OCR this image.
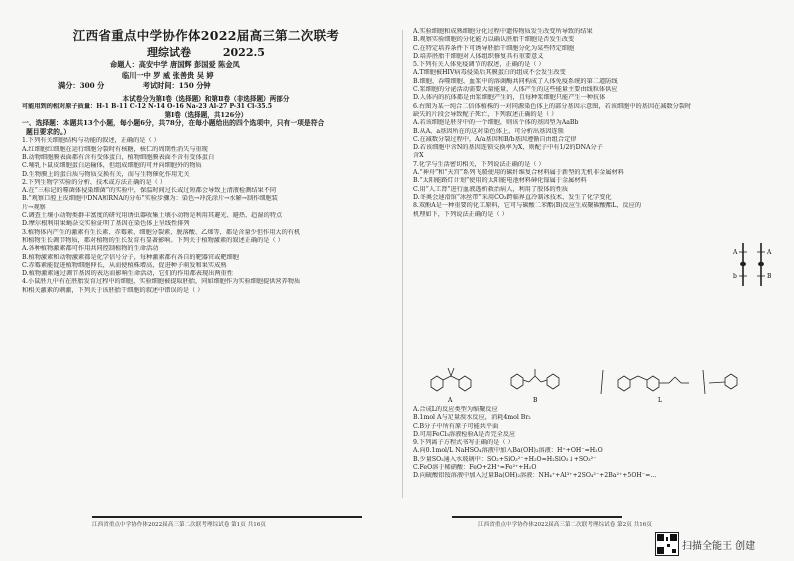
江西省重点中学协作体2022届高三第二次联考
理综试卷	2022.5
命题人：高安中学 唐国辉 彭国爱 陈金凤
临川一中 罗 威 张善贵 吴 婷
满分：300 分	考试时间：150 分钟
本试卷分为第Ⅰ卷（选择题）和第Ⅱ卷（非选择题）两部分
可能用到的相对原子质量：H-1 B-11 C-12 N-14 O-16 Na-23 Al-27 P-31 Cl-35.5
第Ⅰ卷（选择题，共126分）
一、选择题：本题共13个小题，每小题6分，共78分，在每小题给出的四个选项中，只有一项是符合
题目要求的。）
1.下列有关细胞结构与功能的叙述，正确的是（ ）
A.红细胞红细胞在运行细胞分裂时有核糖，核仁的周期性消失与重现
B.动物细胞膜表面都有含有受体蛋白，植物细胞膜表面不含有受体蛋白
C.哺乳卜鼠皮细胞蛋白运输体，但组成细胞的可并向细胞外的物质
D.生物膜上的蛋白质与物质交换有关，而与生物催化作用无关
2.下列生物学实验的分析、技术或方法正确的是（ ）
A.在“三标记的噬菌体侵染细菌”的实验中，保温时间过长或过短都会导致上清液检测结果不同
B.“观察口腔上皮细胞中DNA和RNA的分布”实验步骤为：染色→冲洗涂片→水解→制作细胞装
片→观察
C.调查土壤小动物类群丰富度的研究用诱虫器收集土壤小动物是利用其避光、避热、趋湿的特点
D.摩尔根利用果蝇杂交实验证明了基因在染色体上呈线性排列
3.植物体内产生的激素有生长素、赤霉素、细胞分裂素、脱落酸、乙烯等，都是含量少但作用大的有机
和植物生长调节物质，都对植物的生长发育有显著影响。下列关于植物激素的叙述正确的是（ ）
A.各种植物激素都可作用共同控制植物的生命活动
B.植物激素和动物激素都是化学信号分子，每种激素都有各自的靶器官或靶细胞
C.赤霉素能促进植物细胞伸长，从而使植株增高，促进种子萌发和果实成熟
D.植物激素通过调节基因的表达而影响生命活动，它们的作用都表现出两重性
4.小鼠胚九中有在胚胎发育过程中的细胞，实验细胞被提取胚胎，同如细胞作为实验细胞提供营养物质
和相关激素的刺激，下列关于该胚胎干细胞的叙述中错误的是（ ）
A.实验细胞和成熟细胞分化过程中遗传物质发生改变所导致的结果
B.观察实验细胞的分化能力以确认胚胎干细胞是否发生改变
C.在特定培养条件下可诱导胚胎干细胞分化为某些特定细胞
D.培养胚胎干细胞对人体组织修复具有重要意义
5.下列有关人体免疫调节的叙述，正确的是（ ）
A.T细胞被HIV病毒侵染后其膜蛋白的组成不会发生改变
B.细胞、吞噬细胞、血浆中的溶菌酶共同构成了人体免疫系统的第二道防线
C.浆细胞的分泌活动需要大量能量，人体产生的这些能量主要由线粒体供应
D.人体内的抗体都是由浆细胞产生的，且每种浆细胞只能产生一种抗体
6.右图为某一纯合二倍体植株的一对同源染色体上的部分基因示意图，若该细胞中的基因在减数分裂时
缺失的片段会导致配子死亡，下列叙述正确的是（ ）
A.若该细胞是胚芽中的一个细胞，则该个体的基因型为AaBb
B.从A、a基因所在的这对染色体上，可分析出基因连锁
C.在减数分裂过程中，A/a基因和B/b基因遵循自由组合定律
D.若该细胞中含N的基因连锁交换率为X，则配子中有1/2的DNA分子
含X
7.化学与生活密切相关，下列说法正确的是（ ）
A.“神舟”和“天宫”系列飞船使用的碳纤维复合材料属于新型的无机非金属材料
B.“太阳能路灯计划”使用的太阳能电池材料砷化镓属于金属材料
C.用“人工肾”进行血液透析救治病人，利用了胶体的性质
D.冬奥会速滑馆“冰丝带”采用CO₂跨临界直冷制冰技术，发生了化学变化
8.双酚A是一种重要的化工原料，它可与碳酸二苯酯(B)反应生成聚碳酸酯L，反应的
机理如下，下列说法正确的是（ ）
A
b
A
B
A	B	L
A.合成L的反应类型为缩聚反应
B.1mol A与足量溴水反应，消耗4mol Br₂
C.B分子中所有原子可能共平面
D.可用FeCl₃溶液检验A是否完全反应
9.下列离子方程式书写正确的是（ ）
A.向0.1mol/L NaHSO₄溶液中加入Ba(OH)₂溶液：H⁺+OH⁻=H₂O
B.少量SO₂通入水玻璃中：SO₂+SiO₃²⁻+H₂O=H₂SiO₃↓+SO₃²⁻
C.FeO溶于稀硝酸：FeO+2H⁺=Fe²⁺+H₂O
D.向硫酸铝铵溶液中加入过量Ba(OH)₂溶液：NH₄⁺+Al³⁺+2SO₄²⁻+2Ba²⁺+5OH⁻=...
江西省重点中学协作体2022届高三第二次联考理综试卷 第1页 共16页	江西省重点中学协作体2022届高三第二次联考理综试卷 第2页 共16页
扫描全能王 创建
